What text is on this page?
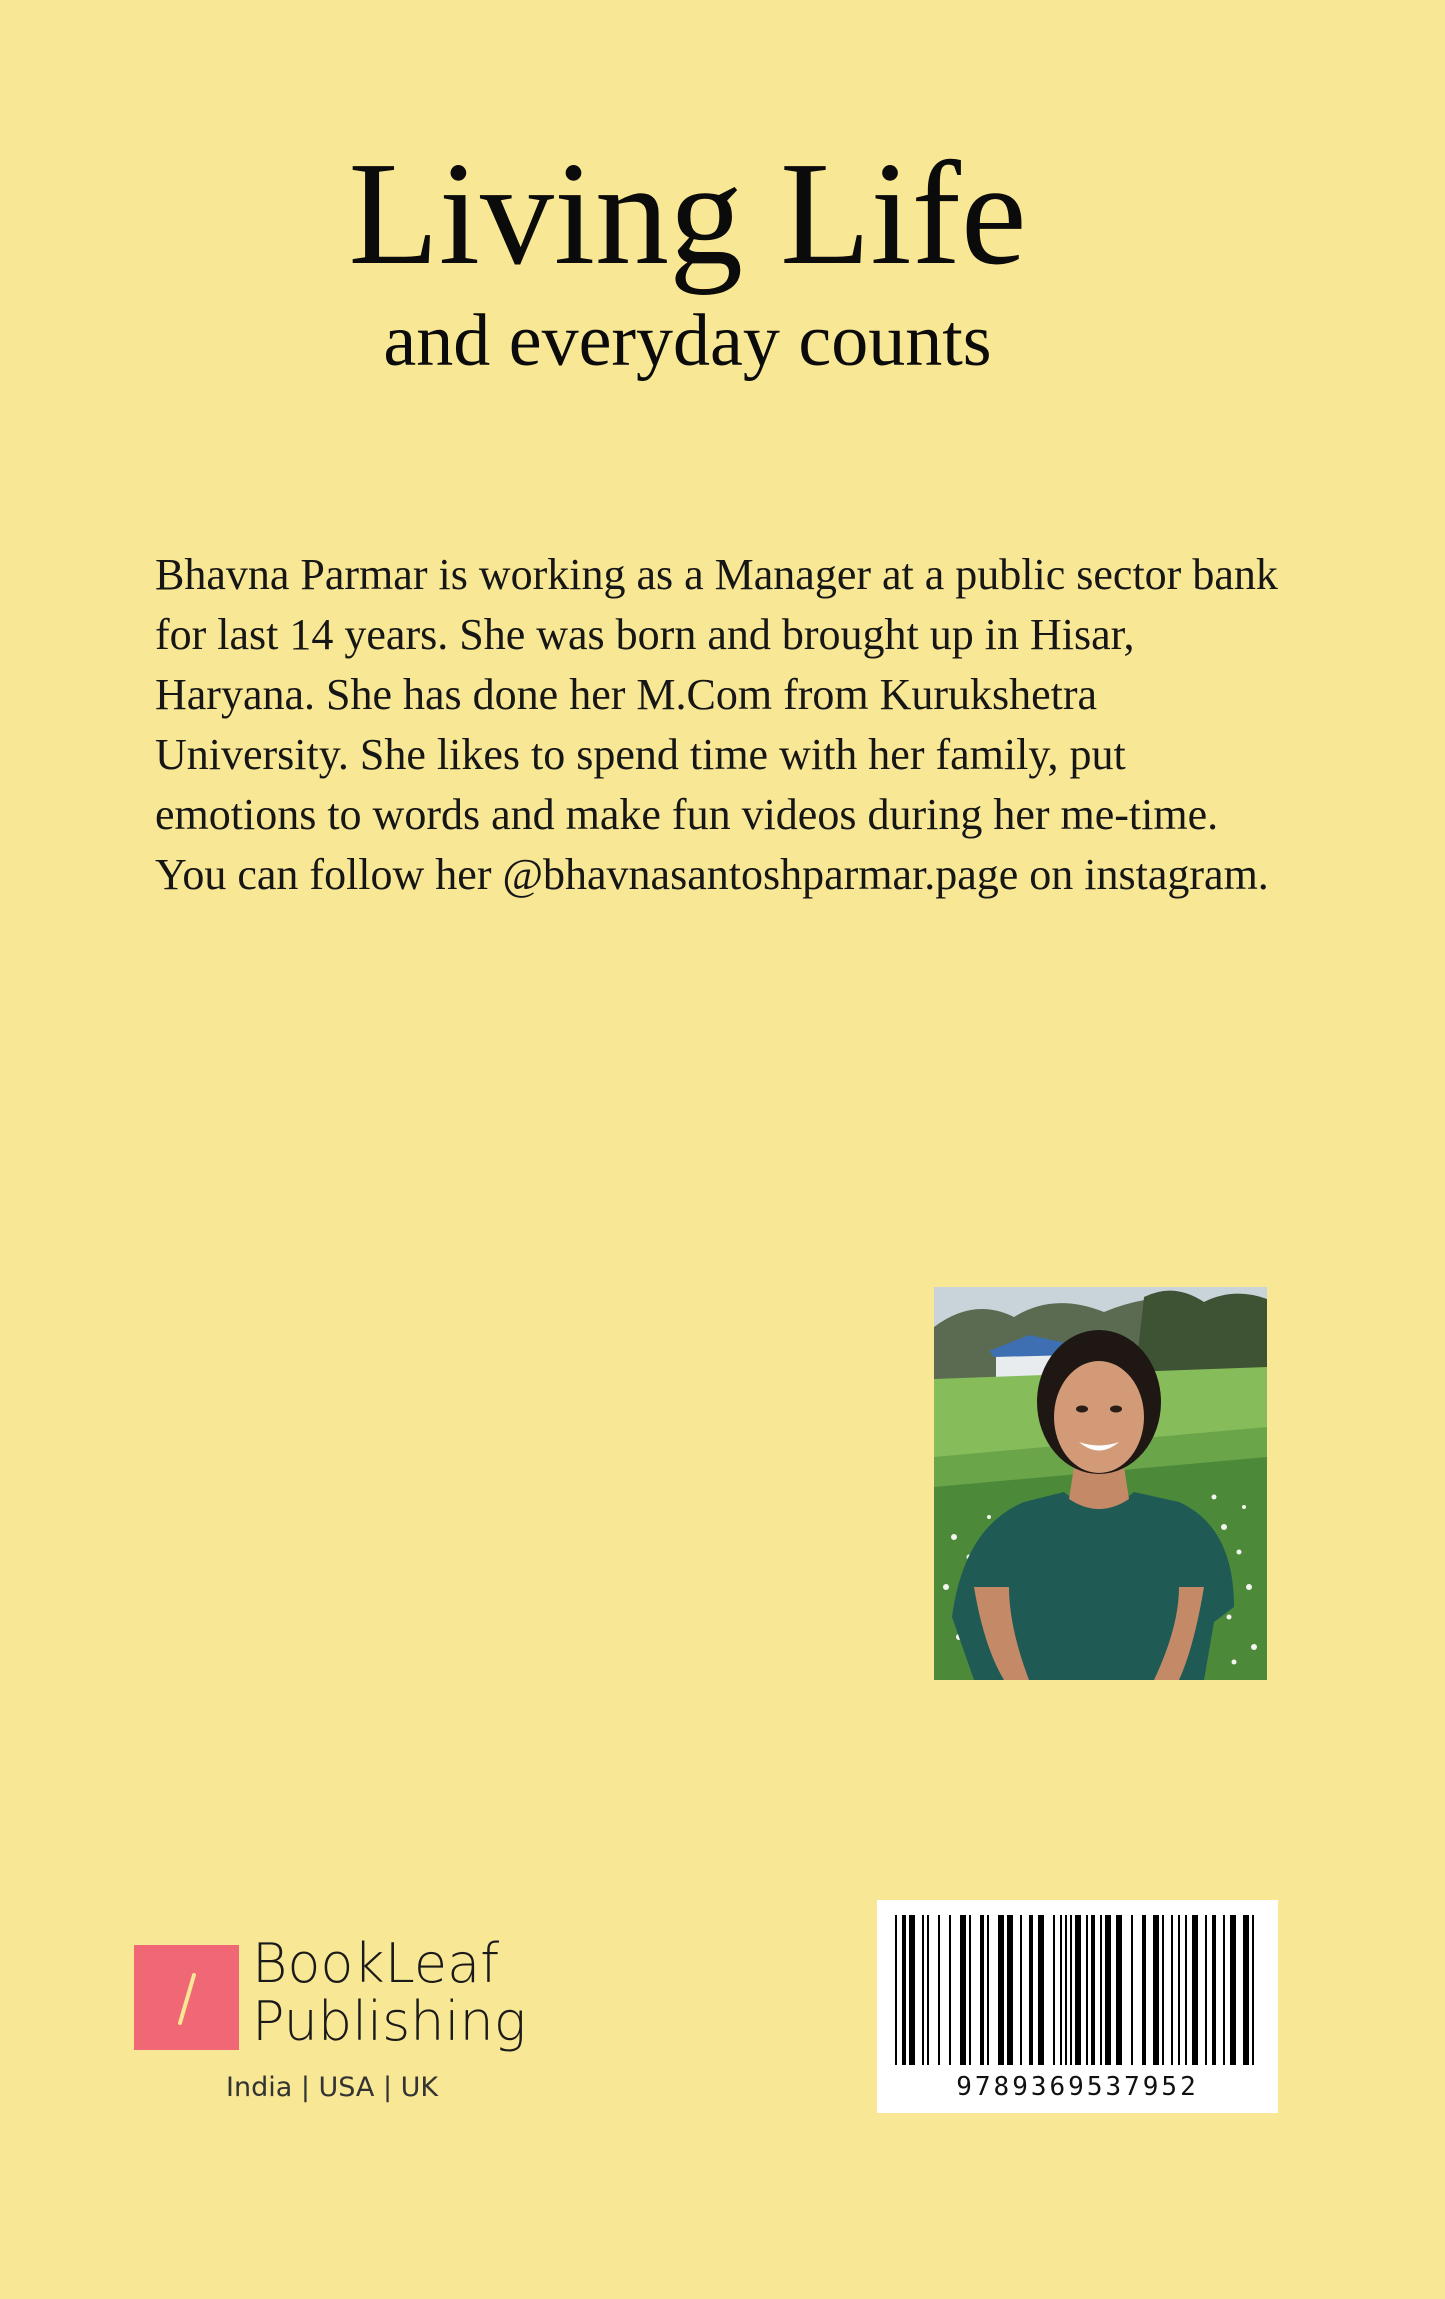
Living Life
and everyday counts

Bhavna Parmar is working as a Manager at a public sector bank for last 14 years. She was born and brought up in Hisar, Haryana. She has done her M.Com from Kurukshetra University. She likes to spend time with her family, put emotions to words and make fun videos during her me-time. You can follow her @bhavnasantoshparmar.page on instagram.

BookLeaf
Publishing
India | USA | UK	9789369537952
